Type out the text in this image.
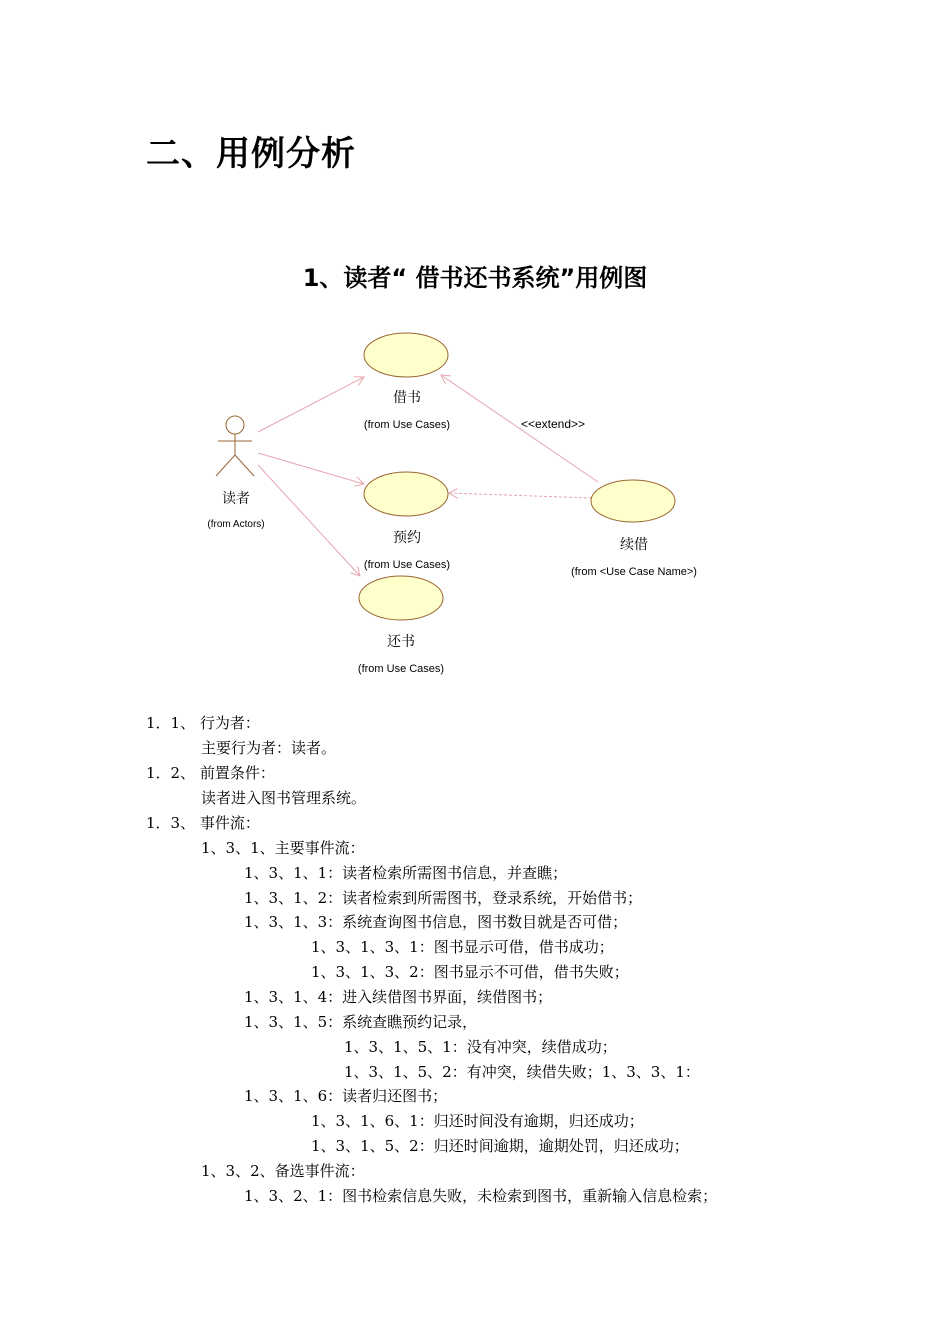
二、用例分析
1、读者“ 借书还书系统”用例图
读者
(from Actors)
借书
(from Use Cases)	<<extend>>
预约
(from Use Cases)
还书
(from Use Cases)
续借
(from <Use Case Name>)
1．1、 行为者：
主要行为者：读者。
1．2、 前置条件：
读者进入图书管理系统。
1．3、 事件流：
1、3、1、主要事件流：
1、3、1、1：读者检索所需图书信息，并查瞧；
1、3、1、2：读者检索到所需图书，登录系统，开始借书；
1、3、1、3：系统查询图书信息，图书数目就是否可借；
1、3、1、3、1：图书显示可借，借书成功；
1、3、1、3、2：图书显示不可借，借书失败；
1、3、1、4：进入续借图书界面，续借图书；
1、3、1、5：系统查瞧预约记录，
1、3、1、5、1：没有冲突，续借成功；
1、3、1、5、2：有冲突，续借失败；1、3、3、1：
1、3、1、6：读者归还图书；
1、3、1、6、1：归还时间没有逾期，归还成功；
1、3、1、5、2：归还时间逾期，逾期处罚，归还成功；
1、3、2、备选事件流：
1、3、2、1：图书检索信息失败，未检索到图书，重新输入信息检索；
